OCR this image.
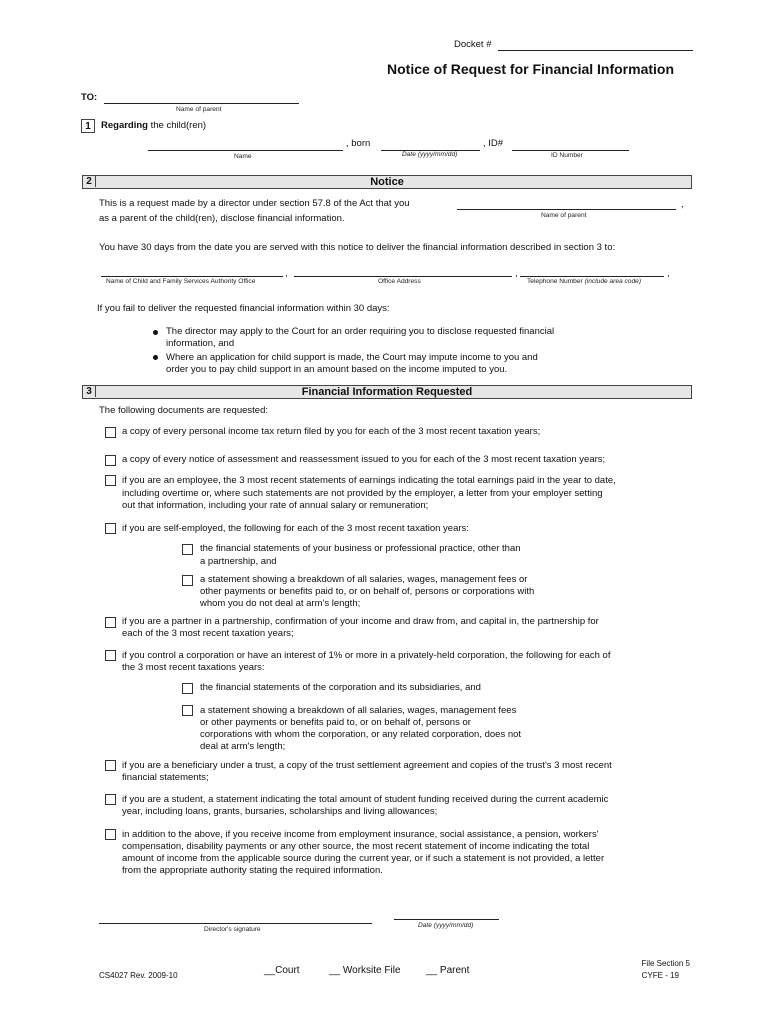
Docket #
Notice of Request for Financial Information
TO:
Name of parent
1	Regarding the child(ren)
, born	, ID#
Name	Date (yyyy/mm/dd)	ID Number
2	Notice
This is a request made by a director under section 57.8 of the Act that you	,
as a parent of the child(ren), disclose financial information.	Name of parent
You have 30 days from the date you are served with this notice to deliver the financial information described in section 3 to:
,	,	,
Name of Child and Family Services Authority Office	Office Address	Telephone Number (include area code)
If you fail to deliver the requested financial information within 30 days:
The director may apply to the Court for an order requiring you to disclose requested financial
information, and
Where an application for child support is made, the Court may impute income to you and
order you to pay child support in an amount based on the income imputed to you.
3	Financial Information Requested
The following documents are requested:
a copy of every personal income tax return filed by you for each of the 3 most recent taxation years;
a copy of every notice of assessment and reassessment issued to you for each of the 3 most recent taxation years;
if you are an employee, the 3 most recent statements of earnings indicating the total earnings paid in the year to date,
including overtime or, where such statements are not provided by the employer, a letter from your employer setting
out that information, including your rate of annual salary or remuneration;
if you are self-employed, the following for each of the 3 most recent taxation years:
the financial statements of your business or professional practice, other than
a partnership, and
a statement showing a breakdown of all salaries, wages, management fees or
other payments or benefits paid to, or on behalf of, persons or corporations with
whom you do not deal at arm's length;
if you are a partner in a partnership, confirmation of your income and draw from, and capital in, the partnership for
each of the 3 most recent taxation years;
if you control a corporation or have an interest of 1% or more in a privately-held corporation, the following for each of
the 3 most recent taxations years:
the financial statements of the corporation and its subsidiaries, and
a statement showing a breakdown of all salaries, wages, management fees
or other payments or benefits paid to, or on behalf of, persons or
corporations with whom the corporation, or any related corporation, does not
deal at arm's length;
if you are a beneficiary under a trust, a copy of the trust settlement agreement and copies of the trust's 3 most recent
financial statements;
if you are a student, a statement indicating the total amount of student funding received during the current academic
year, including loans, grants, bursaries, scholarships and living allowances;
in addition to the above, if you receive income from employment insurance, social assistance, a pension, workers'
compensation, disability payments or any other source, the most recent statement of income indicating the total
amount of income from the applicable source during the current year, or if such a statement is not provided, a letter
from the appropriate authority stating the required information.
Director's signature
Date (yyyy/mm/dd)
CS4027 Rev. 2009-10	__Court	__ Worksite File	__ Parent
File Section 5
CYFE - 19
